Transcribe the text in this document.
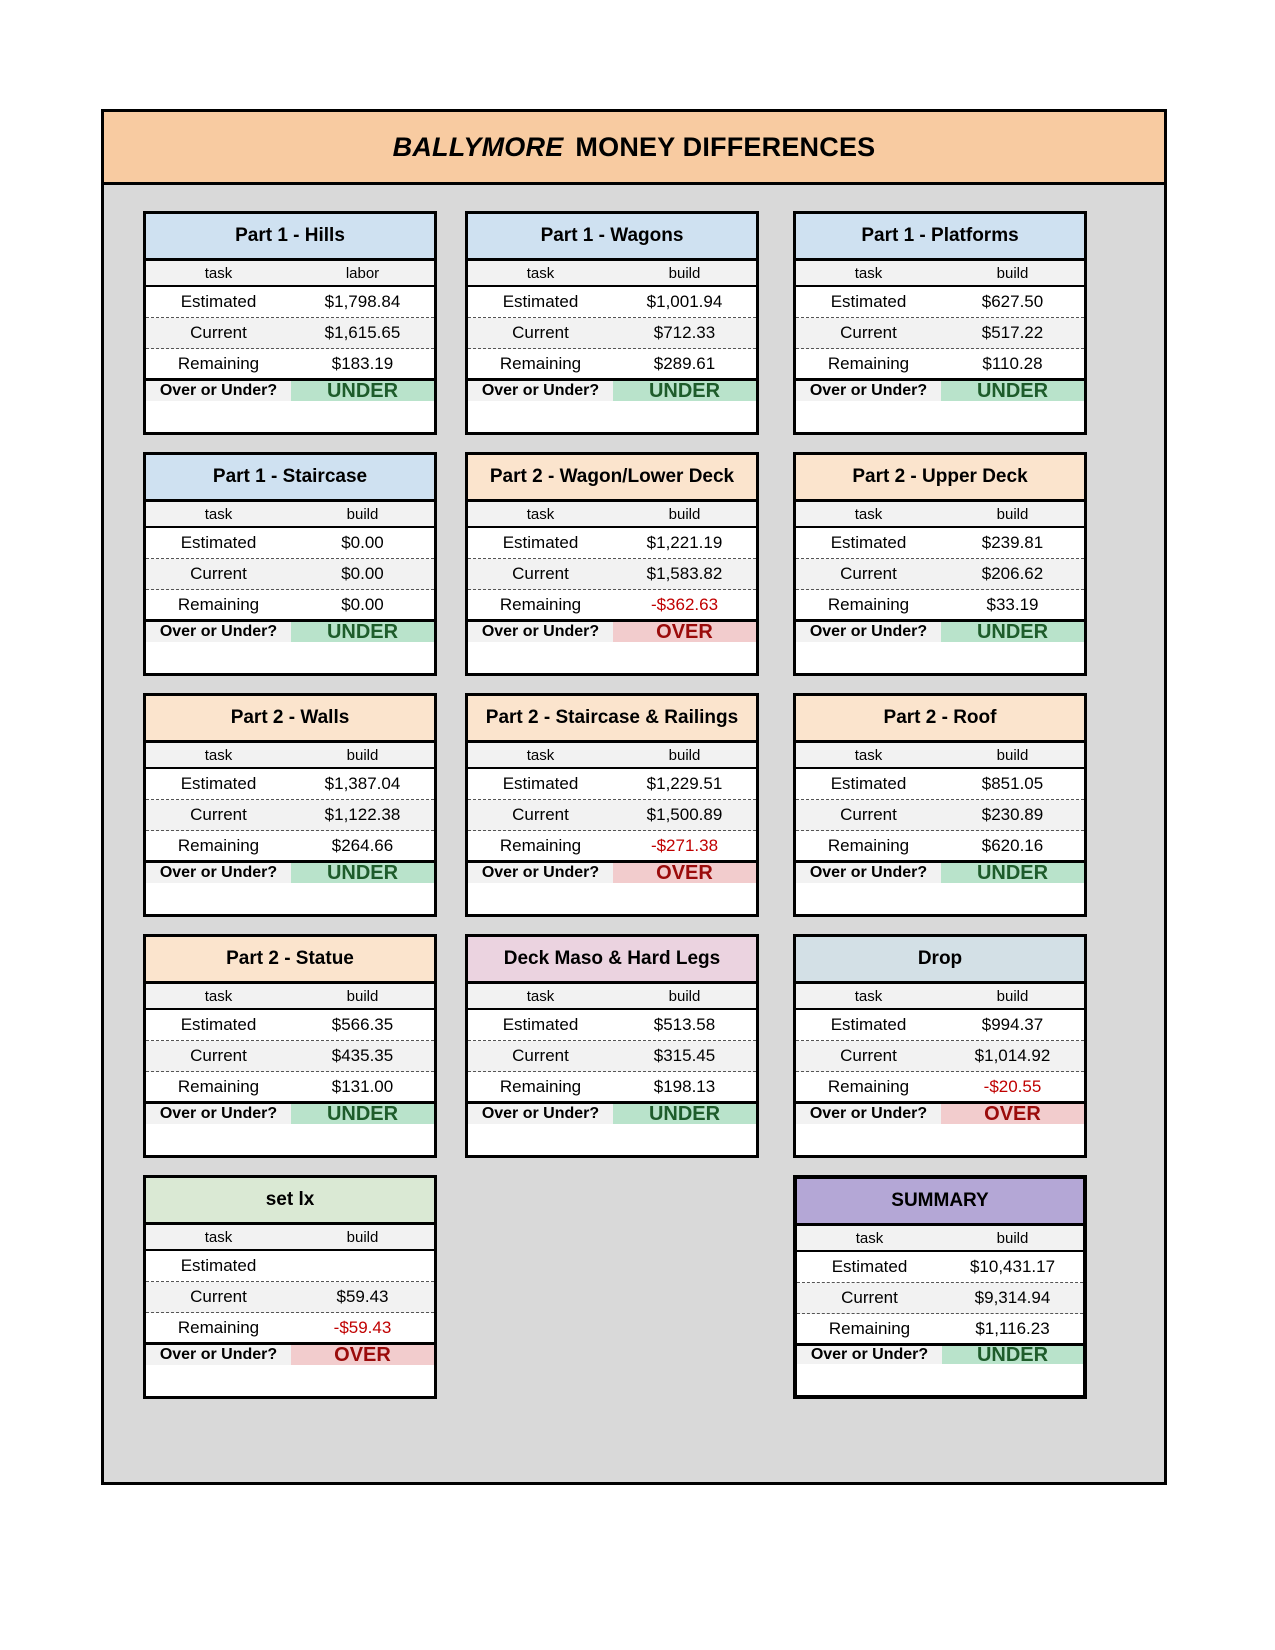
BALLYMORE MONEY DIFFERENCES
Part 1 - Hills
task	labor
Estimated	$1,798.84
Current	$1,615.65
Remaining	$183.19
Over or Under?	UNDER
Part 1 - Wagons
task	build
Estimated	$1,001.94
Current	$712.33
Remaining	$289.61
Over or Under?	UNDER
Part 1 - Platforms
task	build
Estimated	$627.50
Current	$517.22
Remaining	$110.28
Over or Under?	UNDER
Part 1 - Staircase
task	build
Estimated	$0.00
Current	$0.00
Remaining	$0.00
Over or Under?	UNDER
Part 2 - Wagon/Lower Deck
task	build
Estimated	$1,221.19
Current	$1,583.82
Remaining	-$362.63
Over or Under?	OVER
Part 2 - Upper Deck
task	build
Estimated	$239.81
Current	$206.62
Remaining	$33.19
Over or Under?	UNDER
Part 2 - Walls
task	build
Estimated	$1,387.04
Current	$1,122.38
Remaining	$264.66
Over or Under?	UNDER
Part 2 - Staircase & Railings
task	build
Estimated	$1,229.51
Current	$1,500.89
Remaining	-$271.38
Over or Under?	OVER
Part 2 - Roof
task	build
Estimated	$851.05
Current	$230.89
Remaining	$620.16
Over or Under?	UNDER
Part 2 - Statue
task	build
Estimated	$566.35
Current	$435.35
Remaining	$131.00
Over or Under?	UNDER
Deck Maso & Hard Legs
task	build
Estimated	$513.58
Current	$315.45
Remaining	$198.13
Over or Under?	UNDER
Drop
task	build
Estimated	$994.37
Current	$1,014.92
Remaining	-$20.55
Over or Under?	OVER
set lx
task	build
Estimated
Current	$59.43
Remaining	-$59.43
Over or Under?	OVER
SUMMARY
task	build
Estimated	$10,431.17
Current	$9,314.94
Remaining	$1,116.23
Over or Under?	UNDER
